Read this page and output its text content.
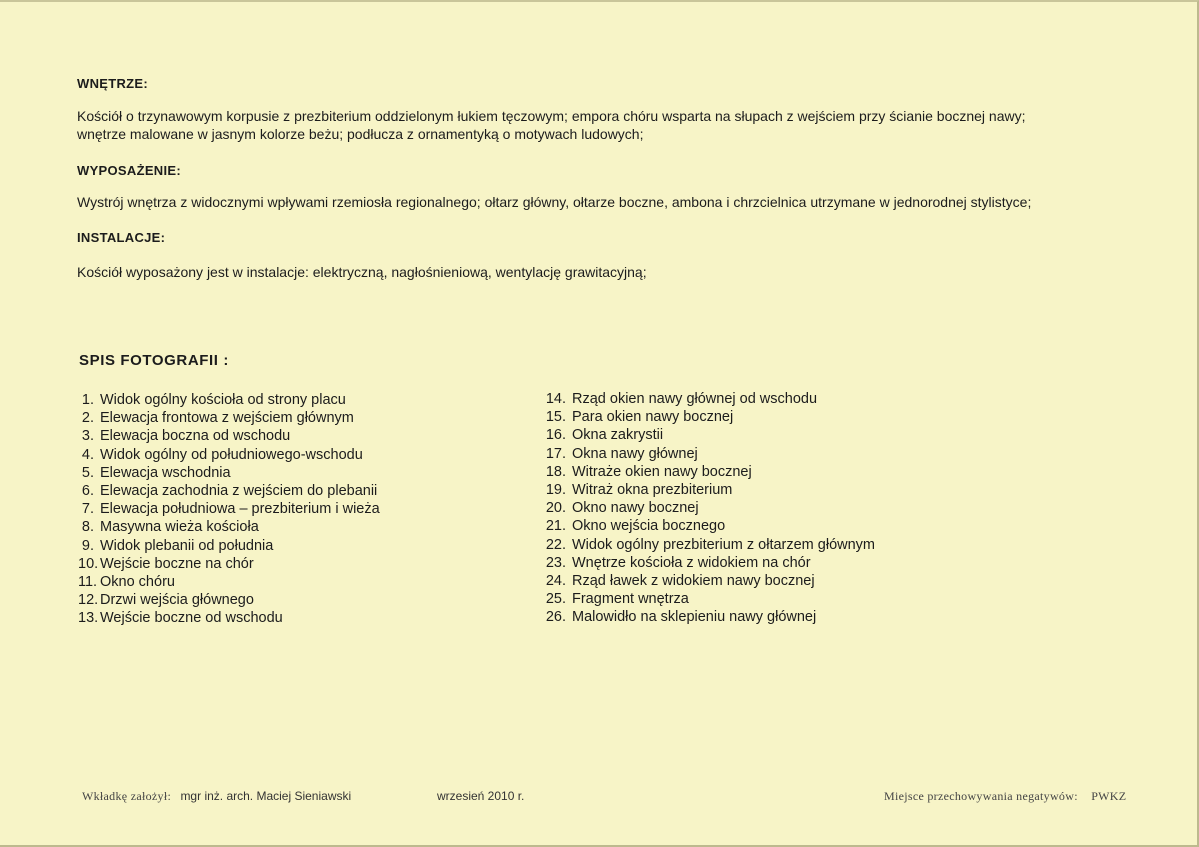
WNĘTRZE:
Kościół o trzynawowym korpusie z prezbiterium oddzielonym łukiem tęczowym; empora chóru wsparta na słupach z wejściem przy ścianie bocznej nawy;
wnętrze malowane w jasnym kolorze beżu; podłucza z ornamentyką o motywach ludowych;
WYPOSAŻENIE:
Wystrój wnętrza z widocznymi wpływami rzemiosła regionalnego; ołtarz główny, ołtarze boczne, ambona i chrzcielnica utrzymane w jednorodnej stylistyce;
INSTALACJE:
Kościół wyposażony jest w instalacje: elektryczną, nagłośnieniową, wentylację grawitacyjną;
SPIS FOTOGRAFII :
1. Widok ogólny kościoła od strony placu
2. Elewacja frontowa z wejściem głównym
3. Elewacja boczna od wschodu
4. Widok ogólny od południowego-wschodu
5. Elewacja wschodnia
6. Elewacja zachodnia z wejściem do plebanii
7. Elewacja południowa – prezbiterium i wieża
8. Masywna wieża kościoła
9. Widok plebanii od południa
10. Wejście boczne na chór
11. Okno chóru
12. Drzwi wejścia głównego
13. Wejście boczne od wschodu
14. Rząd okien nawy głównej od wschodu
15. Para okien nawy bocznej
16. Okna zakrystii
17. Okna nawy głównej
18. Witraże okien nawy bocznej
19. Witraż okna prezbiterium
20. Okno nawy bocznej
21. Okno wejścia bocznego
22. Widok ogólny prezbiterium z ołtarzem głównym
23. Wnętrze kościoła z widokiem na chór
24. Rząd ławek z widokiem nawy bocznej
25. Fragment wnętrza
26. Malowidło na sklepieniu nawy głównej
Wkładkę założył: mgr inż. arch. Maciej Sieniawski	wrzesień 2010 r.	Miejsce przechowywania negatywów: PWKZ
